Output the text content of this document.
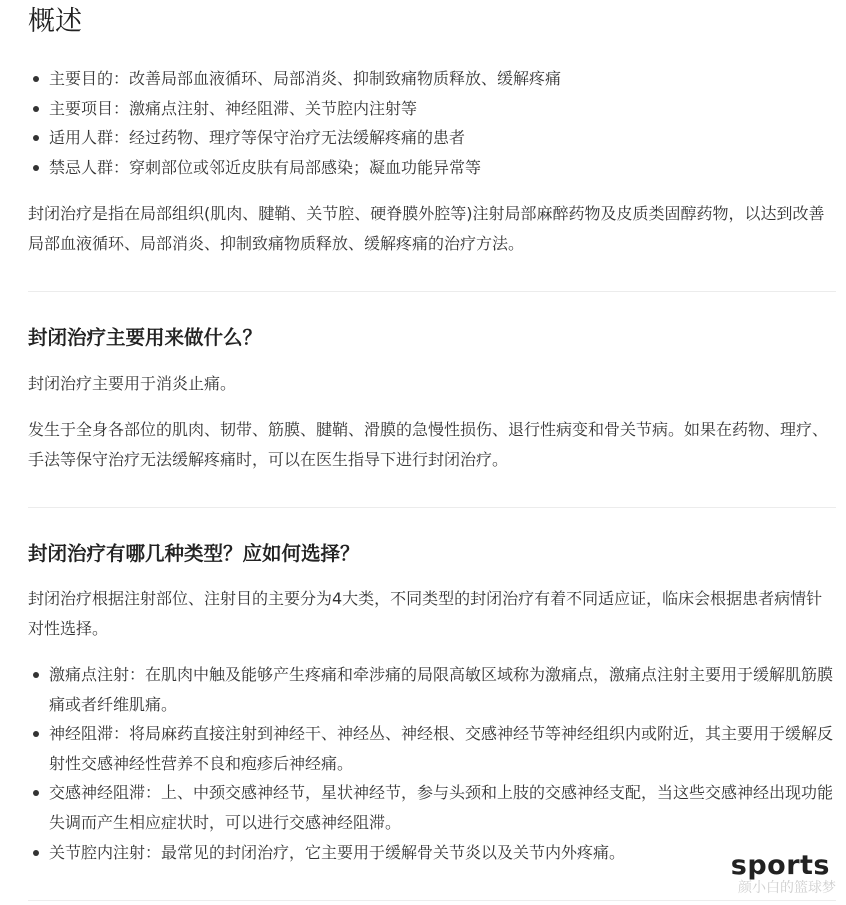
概述
主要目的：改善局部血液循环、局部消炎、抑制致痛物质释放、缓解疼痛
主要项目：激痛点注射、神经阻滞、关节腔内注射等
适用人群：经过药物、理疗等保守治疗无法缓解疼痛的患者
禁忌人群：穿刺部位或邻近皮肤有局部感染；凝血功能异常等

封闭治疗是指在局部组织(肌肉、腱鞘、关节腔、硬脊膜外腔等)注射局部麻醉药物及皮质类固醇药物，以达到改善局部血液循环、局部消炎、抑制致痛物质释放、缓解疼痛的治疗方法。

封闭治疗主要用来做什么？

封闭治疗主要用于消炎止痛。

发生于全身各部位的肌肉、韧带、筋膜、腱鞘、滑膜的急慢性损伤、退行性病变和骨关节病。如果在药物、理疗、手法等保守治疗无法缓解疼痛时，可以在医生指导下进行封闭治疗。

封闭治疗有哪几种类型？应如何选择？

封闭治疗根据注射部位、注射目的主要分为4大类，不同类型的封闭治疗有着不同适应证，临床会根据患者病情针对性选择。

激痛点注射：在肌肉中触及能够产生疼痛和牵涉痛的局限高敏区域称为激痛点，激痛点注射主要用于缓解肌筋膜痛或者纤维肌痛。
神经阻滞：将局麻药直接注射到神经干、神经丛、神经根、交感神经节等神经组织内或附近，其主要用于缓解反射性交感神经性营养不良和疱疹后神经痛。
交感神经阻滞：上、中颈交感神经节，星状神经节，参与头颈和上肢的交感神经支配，当这些交感神经出现功能失调而产生相应症状时，可以进行交感神经阻滞。
关节腔内注射：最常见的封闭治疗，它主要用于缓解骨关节炎以及关节内外疼痛。	sports
颜小白的篮球梦
